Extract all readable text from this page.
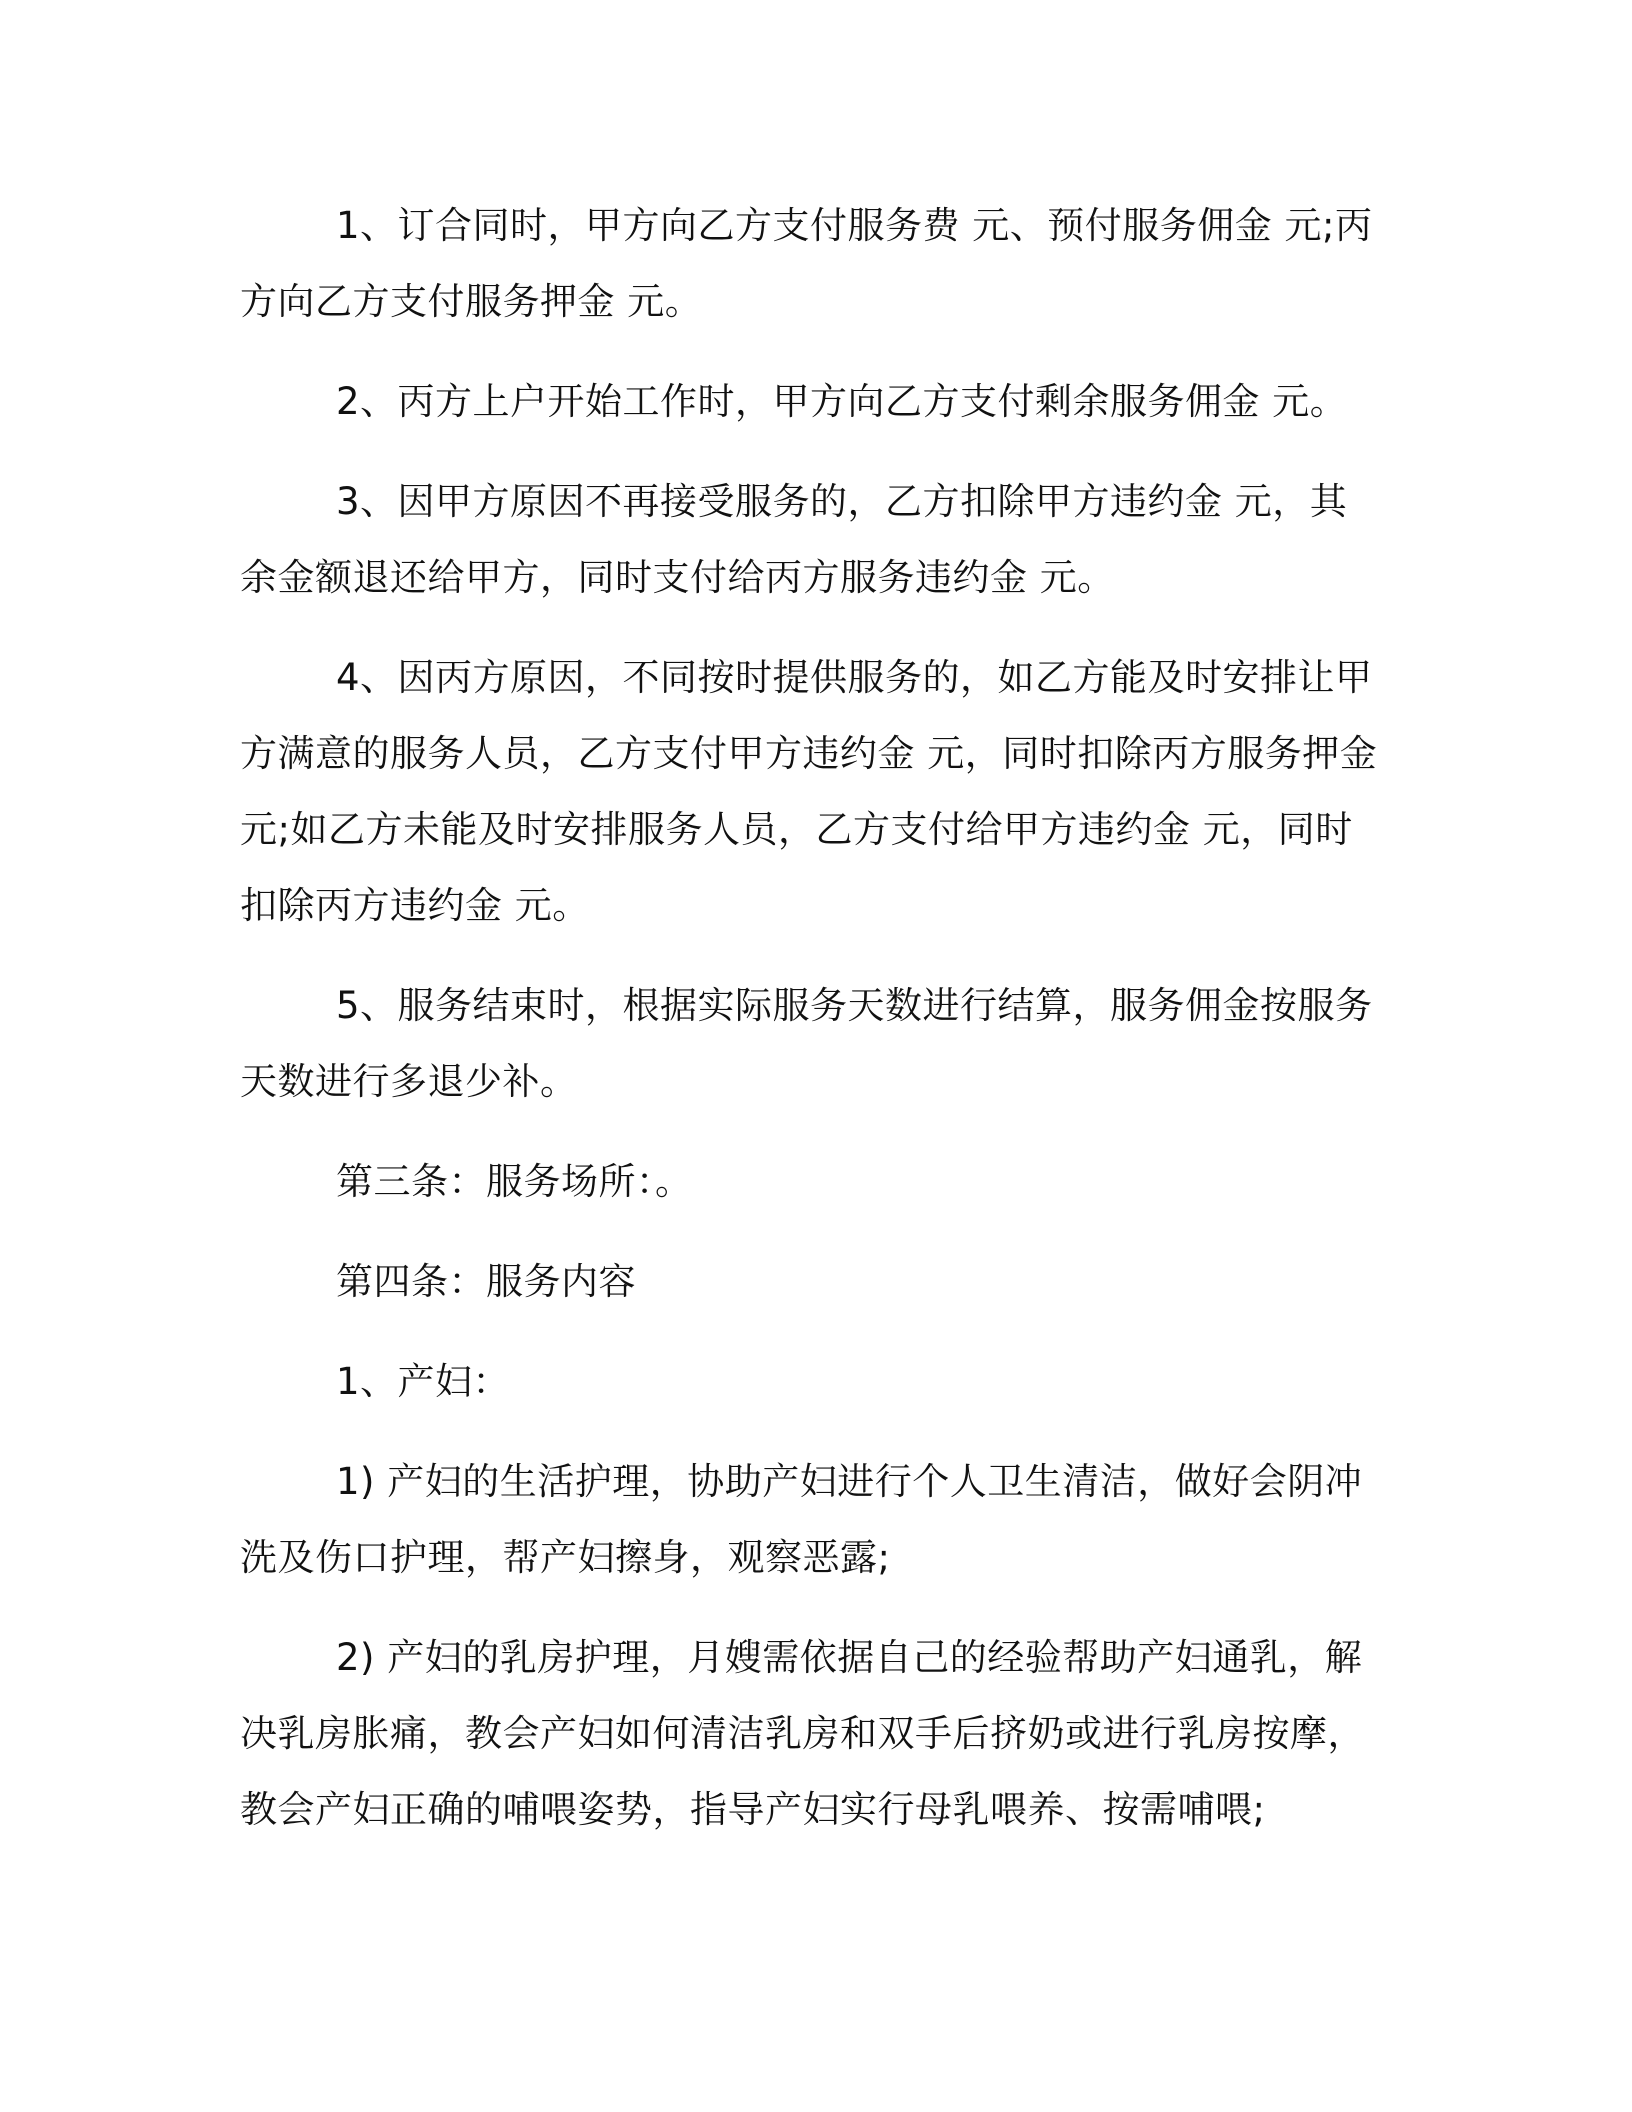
1、订合同时，甲方向乙方支付服务费 元、预付服务佣金 元;丙方向乙方支付服务押金 元。

2、丙方上户开始工作时，甲方向乙方支付剩余服务佣金 元。

3、因甲方原因不再接受服务的，乙方扣除甲方违约金 元，其余金额退还给甲方，同时支付给丙方服务违约金 元。

4、因丙方原因，不同按时提供服务的，如乙方能及时安排让甲方满意的服务人员，乙方支付甲方违约金 元，同时扣除丙方服务押金 元;如乙方未能及时安排服务人员，乙方支付给甲方违约金 元，同时扣除丙方违约金 元。

5、服务结束时，根据实际服务天数进行结算，服务佣金按服务天数进行多退少补。

第三条：服务场所：。

第四条：服务内容

1、产妇：

1) 产妇的生活护理，协助产妇进行个人卫生清洁，做好会阴冲洗及伤口护理，帮产妇擦身，观察恶露;

2) 产妇的乳房护理，月嫂需依据自己的经验帮助产妇通乳，解决乳房胀痛，教会产妇如何清洁乳房和双手后挤奶或进行乳房按摩，教会产妇正确的哺喂姿势，指导产妇实行母乳喂养、按需哺喂;
